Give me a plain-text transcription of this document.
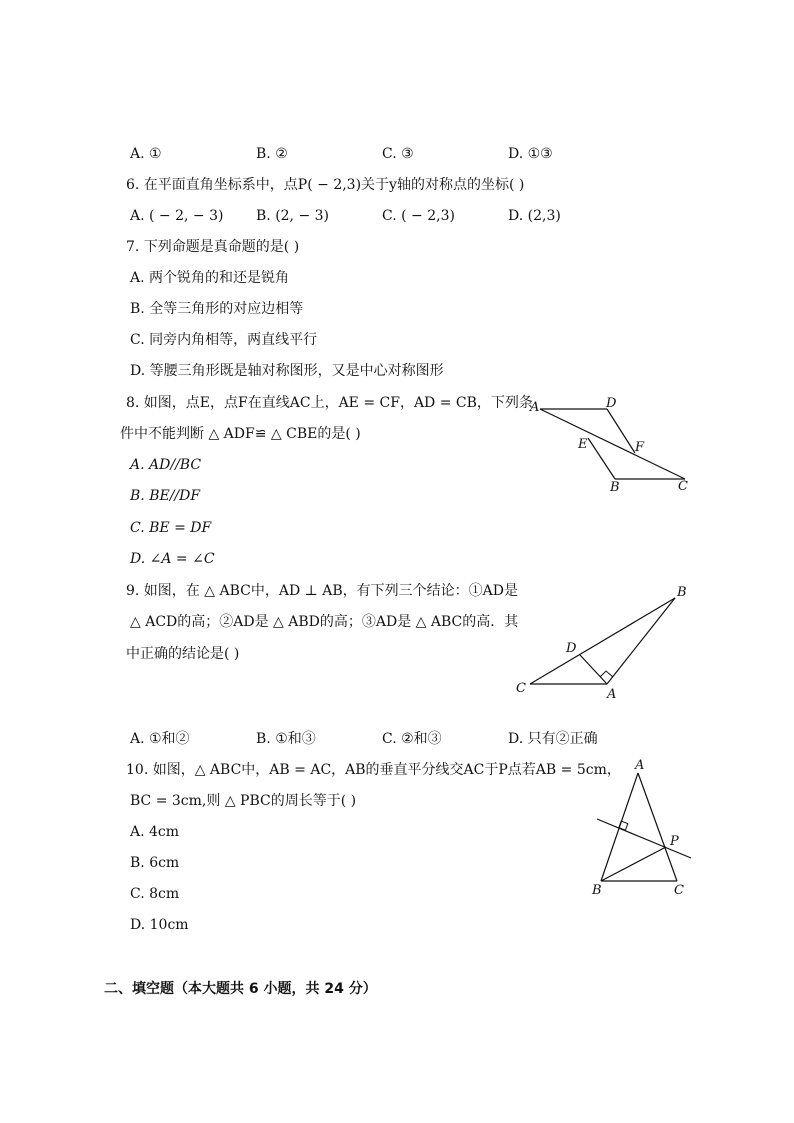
A. ①	B. ②	C. ③	D. ①③
6. 在平面直角坐标系中，点P( − 2,3)关于y轴的对称点的坐标( )
A. ( − 2, − 3) B. (2, − 3)	C. ( − 2,3)	D. (2,3)
7. 下列命题是真命题的是( )
A. 两个锐角的和还是锐角
B. 全等三角形的对应边相等
C. 同旁内角相等，两直线平行
D. 等腰三角形既是轴对称图形，又是中心对称图形
8. 如图，点E，点F在直线AC上，AE = CF，AD = CB，下列条
件中不能判断 △ ADF≌ △ CBE的是( )
A. AD//BC
B. BE//DF
C. BE = DF
D. ∠A = ∠C
A	D
E	F
B	C
9. 如图，在 △ ABC中，AD ⊥ AB，有下列三个结论：①AD是
△ ACD的高；②AD是 △ ABD的高；③AD是 △ ABC的高．其
中正确的结论是( )
B
D
C	A
A. ①和②	B. ①和③	C. ②和③	D. 只有②正确
10. 如图，△ ABC中，AB = AC，AB的垂直平分线交AC于P点若AB = 5cm，
BC = 3cm,则 △ PBC的周长等于( )
A. 4cm
B. 6cm
C. 8cm
D. 10cm
A
P
B	C
二、填空题（本大题共 6 小题，共 24 分）
